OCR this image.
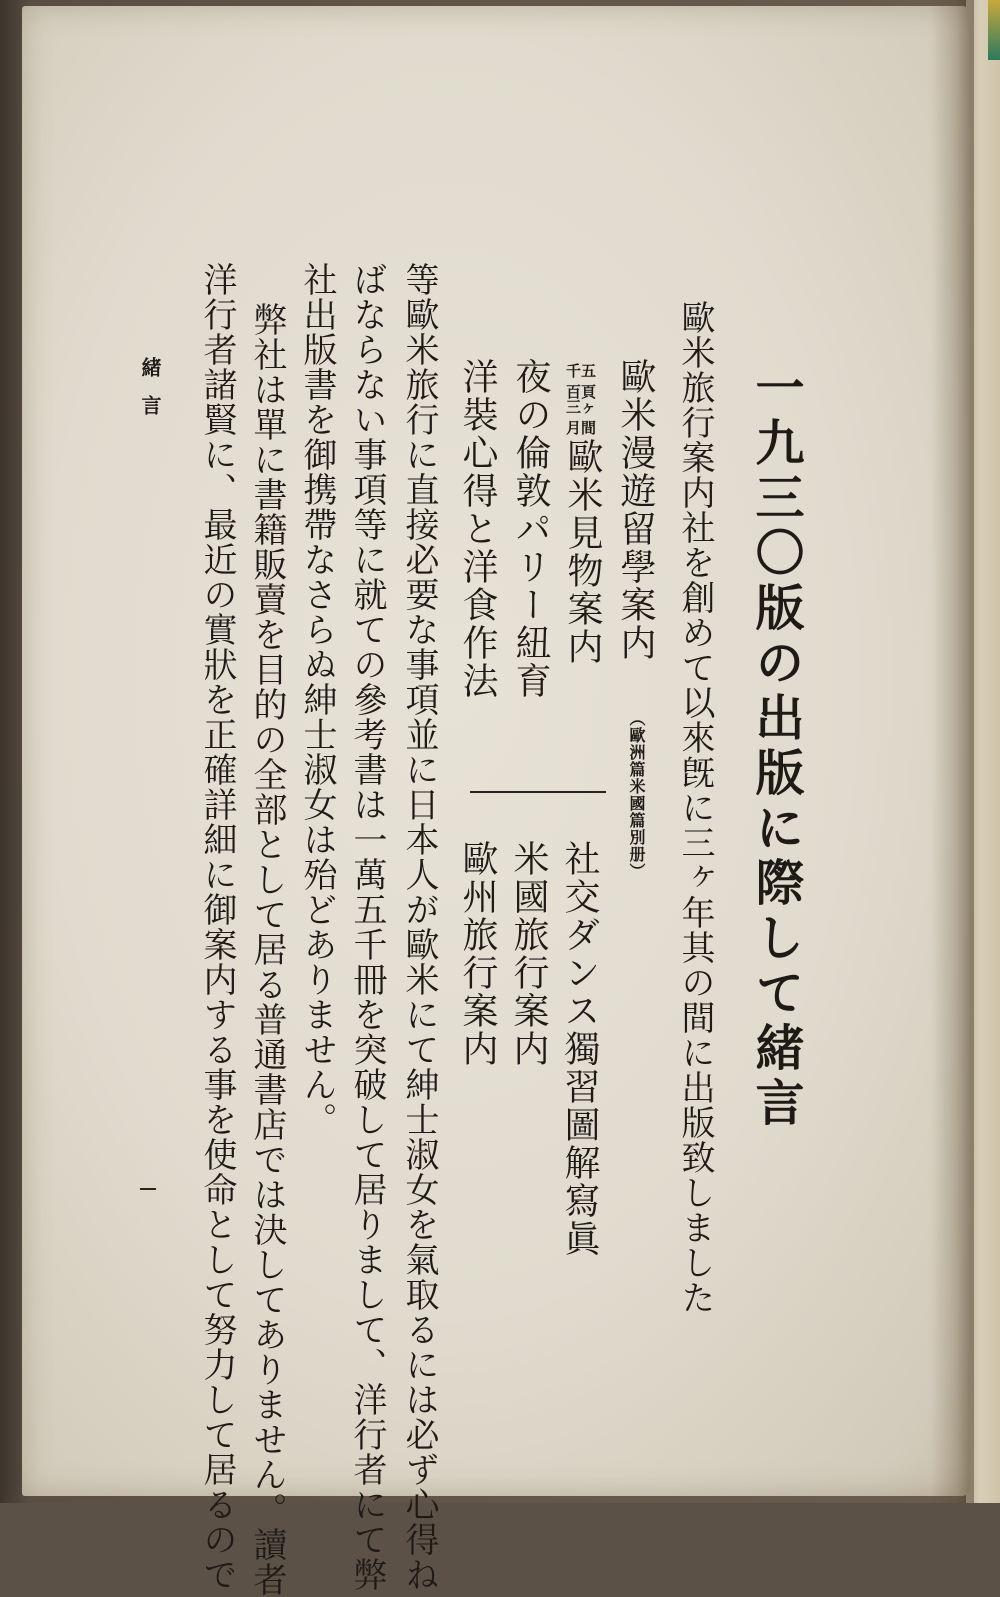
一九三〇版の出版に際して緒言

歐米旅行案内社を創めて以來旣に三ヶ年其の間に出版致しました

歐米漫遊留學案内
（歐洲篇米國篇別册）
千五百頁
三ヶ月間
歐米見物案内
夜の倫敦パリー紐育
洋裝心得と洋食作法
社交ダンス獨習圖解寫眞
米國旅行案内
歐州旅行案内

等歐米旅行に直接必要な事項並に日本人が歐米にて紳士淑女を氣取るには必ず心得ね

ばならない事項等に就ての參考書は一萬五千冊を突破して居りまして、洋行者にて弊

社出版書を御携帶なさらぬ紳士淑女は殆どありません。

弊社は單に書籍販賣を目的の全部として居る普通書店では決してありません。讀者

洋行者諸賢に、最近の實狀を正確詳細に御案内する事を使命として努力して居るので

緒言
